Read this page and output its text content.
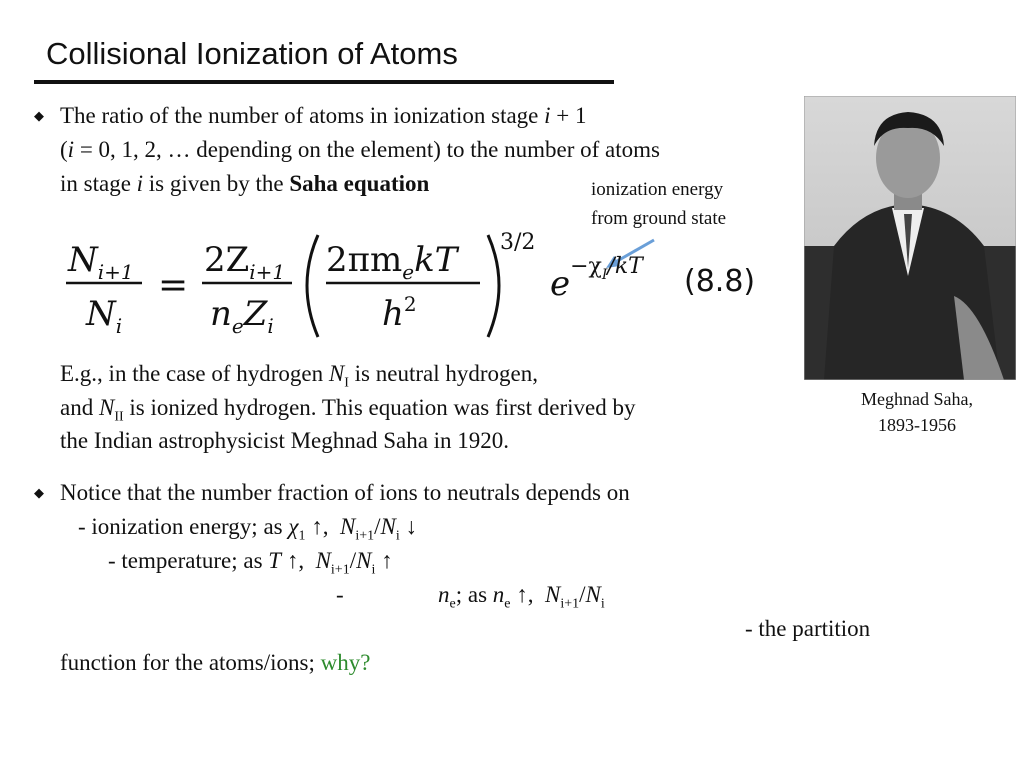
Collisional Ionization of Atoms
◆ The ratio of the number of atoms in ionization stage i + 1
(i = 0, 1, 2, … depending on the element) to the number of atoms
in stage i is given by the Saha equation	ionization energy
from ground state
$N_{i+1}$
$N_i$
=
$2Z_{i+1}$
$n_eZ_i$
$2\pi m_ekT$
$h^2$
3/2
$e^{-\chi}I/kT$ (8.8)
E.g., in the case of hydrogen $N_I$ is neutral hydrogen,
and $N_{II}$ is ionized hydrogen. This equation was first derived by
the Indian astrophysicist Meghnad Saha in 1920.
Meghnad Saha,
1893-1956
◆ Notice that the number fraction of ions to neutrals depends on
- ionization energy; as $\chi_1$ ↑, $N_{i+1}/N_i$ ↓
- temperature; as T ↑, $N_{i+1}/N_i$ ↑
-	$n_e$; as $n_e$ ↑, $N_{i+1}/N_i$
- the partition
function for the atoms/ions; why?
